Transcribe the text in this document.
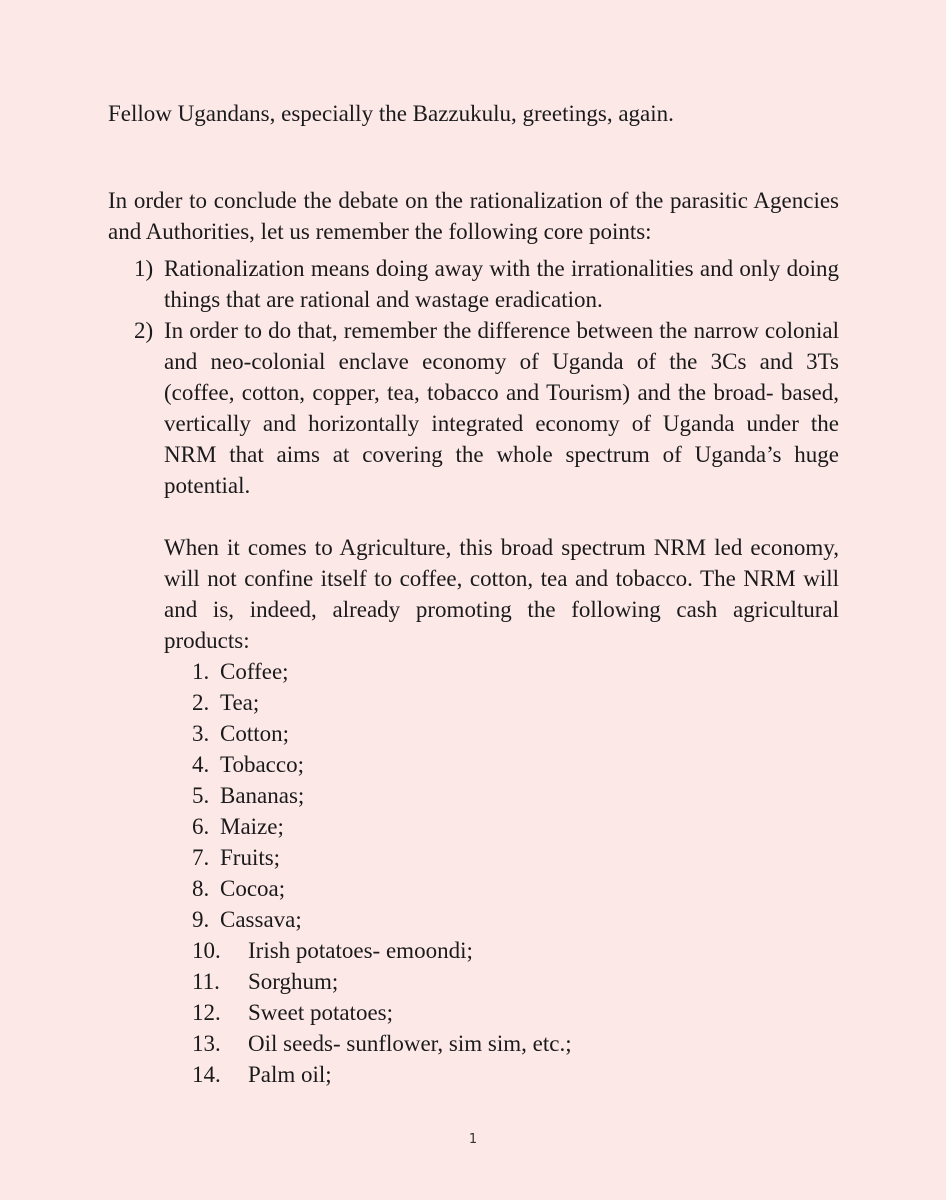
Fellow Ugandans, especially the Bazzukulu, greetings, again.

In order to conclude the debate on the rationalization of the parasitic Agencies and Authorities, let us remember the following core points:

1) Rationalization means doing away with the irrationalities and only doing things that are rational and wastage eradication.
2) In order to do that, remember the difference between the narrow colonial and neo-colonial enclave economy of Uganda of the 3Cs and 3Ts (coffee, cotton, copper, tea, tobacco and Tourism) and the broad- based, vertically and horizontally integrated economy of Uganda under the NRM that aims at covering the whole spectrum of Uganda’s huge potential.

When it comes to Agriculture, this broad spectrum NRM led economy, will not confine itself to coffee, cotton, tea and tobacco. The NRM will and is, indeed, already promoting the following cash agricultural products:

1. Coffee;
2. Tea;
3. Cotton;
4. Tobacco;
5. Bananas;
6. Maize;
7. Fruits;
8. Cocoa;
9. Cassava;
10. Irish potatoes- emoondi;
11. Sorghum;
12. Sweet potatoes;
13. Oil seeds- sunflower, sim sim, etc.;
14. Palm oil;
1
